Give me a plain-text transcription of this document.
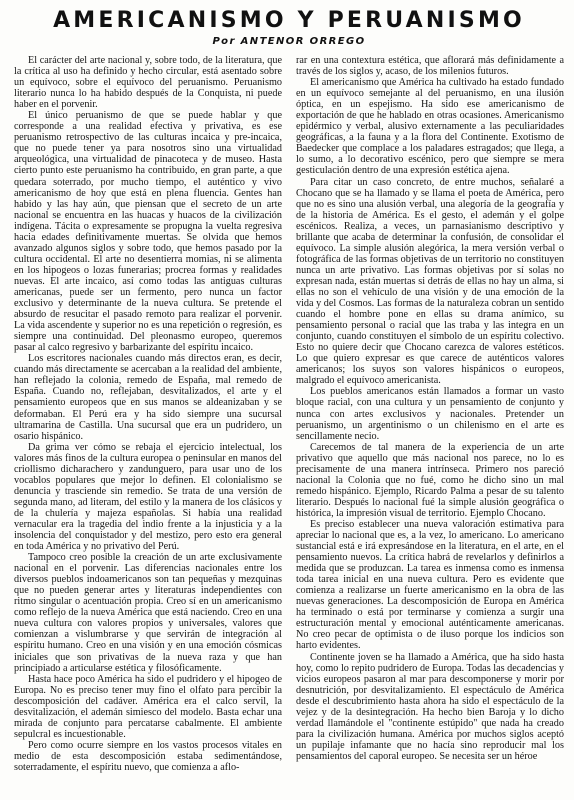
AMERICANISMO Y PERUANISMO
Por ANTENOR ORREGO

El carácter del arte nacional y, sobre todo, de la literatura, que la crítica al uso ha definido y hecho circular, está asentado sobre un equívoco, sobre el equívoco del peruanismo. Peruanismo literario nunca lo ha habido después de la Conquista, ni puede haber en el porvenir.

El único peruanismo de que se puede hablar y que corresponde a una realidad efectiva y privativa, es ese peruanismo retrospectivo de las culturas incaica y pre-incaica, que no puede tener ya para nosotros sino una virtualidad arqueológica, una virtualidad de pinacoteca y de museo. Hasta cierto punto este peruanismo ha contribuido, en gran parte, a que quedara soterrado, por mucho tiempo, el auténtico y vivo americanismo de hoy que está en plena fluencia. Gentes han habido y las hay aún, que piensan que el secreto de un arte nacional se encuentra en las huacas y huacos de la civilización indígena. Tácita o expresamente se propugna la vuelta regresiva hacia edades definitivamente muertas. Se olvida que hemos avanzado algunos siglos y sobre todo, que hemos pasado por la cultura occidental. El arte no desentierra momias, ni se alimenta en los hipogeos o lozas funerarias; procrea formas y realidades nuevas. El arte incaico, así como todas las antiguas culturas americanas, puede ser un fermento, pero nunca un factor exclusivo y determinante de la nueva cultura. Se pretende el absurdo de resucitar el pasado remoto para realizar el porvenir. La vida ascendente y superior no es una repetición o regresión, es siempre una continuidad. Del pleonasmo europeo, queremos pasar al calco regresivo y barbarizante del espíritu incaico.

Los escritores nacionales cuando más directos eran, es decir, cuando más directamente se acercaban a la realidad del ambiente, han reflejado la colonia, remedo de España, mal remedo de España. Cuando no, reflejaban, desvitalizados, el arte y el pensamiento europeos que en sus manos se aldeanizaban y se deformaban. El Perú era y ha sido siempre una sucursal ultramarina de Castilla. Una sucursal que era un pudridero, un osario hispánico.

Da grima ver cómo se rebaja el ejercicio intelectual, los valores más finos de la cultura europea o peninsular en manos del criollismo dicharachero y zandunguero, para usar uno de los vocablos populares que mejor lo definen. El colonialismo se denuncia y trasciende sin remedio. Se trata de una versión de segunda mano, ad literam, del estilo y la manera de los clásicos y de la chulería y majeza españolas. Si había una realidad vernacular era la tragedia del indio frente a la injusticia y a la insolencia del conquistador y del mestizo, pero esto era general en toda América y no privativo del Perú.

Tampoco creo posible la creación de un arte exclusivamente nacional en el porvenir. Las diferencias nacionales entre los diversos pueblos indoamericanos son tan pequeñas y mezquinas que no pueden generar artes y literaturas independientes con ritmo singular o acentuación propia. Creo sí en un americanismo como reflejo de la nueva América que está naciendo. Creo en una nueva cultura con valores propios y universales, valores que comienzan a vislumbrarse y que servirán de integración al espíritu humano. Creo en una visión y en una emoción cósmicas iniciales que son privativas de la nueva raza y que han principiado a articularse estética y filosóficamente.

Hasta hace poco América ha sido el pudridero y el hipogeo de Europa. No es preciso tener muy fino el olfato para percibir la descomposición del cadáver. América era el calco servil, la desvitalización, el ademán simiesco del modelo. Basta echar una mirada de conjunto para percatarse cabalmente. El ambiente sepulcral es incuestionable.

Pero como ocurre siempre en los vastos procesos vitales en medio de esta descomposición estaba sedimentándose, soterradamente, el espíritu nuevo, que comienza a aflo-

rar en una contextura estética, que aflorará más definidamente a través de los siglos y, acaso, de los milenios futuros.

El americanismo que América ha cultivado ha estado fundado en un equívoco semejante al del peruanismo, en una ilusión óptica, en un espejismo. Ha sido ese americanismo de exportación de que he hablado en otras ocasiones. Americanismo epidérmico y verbal, alusivo externamente a las peculiaridades geográficas, a la fauna y a la flora del Continente. Exotismo de Baedecker que complace a los paladares estragados; que llega, a lo sumo, a lo decorativo escénico, pero que siempre se mera gesticulación dentro de una expresión estética ajena.

Para citar un caso concreto, de entre muchos, señalaré a Chocano que se ha llamado y se llama el poeta de América, pero que no es sino una alusión verbal, una alegoría de la geografía y de la historia de América. Es el gesto, el ademán y el golpe escénicos. Realiza, a veces, un parnasianismo descriptivo y brillante que acaba de determinar la confusión, de consolidar el equívoco. La simple alusión alegórica, la mera versión verbal o fotográfica de las formas objetivas de un territorio no constituyen nunca un arte privativo. Las formas objetivas por sí solas no expresan nada, están muertas si detrás de ellas no hay un alma, si ellas no son el vehículo de una visión y de una emoción de la vida y del Cosmos. Las formas de la naturaleza cobran un sentido cuando el hombre pone en ellas su drama anímico, su pensamiento personal o racial que las traba y las integra en un conjunto, cuando constituyen el símbolo de un espíritu colectivo. Esto no quiere decir que Chocano carezca de valores estéticos. Lo que quiero expresar es que carece de auténticos valores americanos; los suyos son valores hispánicos o europeos, malgrado el equívoco americanista.

Los pueblos americanos están llamados a formar un vasto bloque racial, con una cultura y un pensamiento de conjunto y nunca con artes exclusivos y nacionales. Pretender un peruanismo, un argentinismo o un chilenismo en el arte es sencillamente necio.

Carecemos de tal manera de la experiencia de un arte privativo que aquello que más nacional nos parece, no lo es precisamente de una manera intrínseca. Primero nos pareció nacional la Colonia que no fué, como he dicho sino un mal remedo hispánico. Ejemplo, Ricardo Palma a pesar de su talento literario. Después lo nacional fué la simple alusión geográfica o histórica, la impresión visual de territorio. Ejemplo Chocano.

Es preciso establecer una nueva valoración estimativa para apreciar lo nacional que es, a la vez, lo americano. Lo americano sustancial está e irá expresándose en la literatura, en el arte, en el pensamiento nuevos. La crítica habrá de revelarlos y definirlos a medida que se produzcan. La tarea es inmensa como es inmensa toda tarea inicial en una nueva cultura. Pero es evidente que comienza a realizarse un fuerte americanismo en la obra de las nuevas generaciones. La descomposición de Europa en América ha terminado o está por terminarse y comienza a surgir una estructuración mental y emocional auténticamente americanas. No creo pecar de optimista o de iluso porque los indicios son harto evidentes.

Continente joven se ha llamado a América, que ha sido hasta hoy, como lo repito pudridero de Europa. Todas las decadencias y vicios europeos pasaron al mar para descomponerse y morir por desnutrición, por desvitalizamiento. El espectáculo de América desde el descubrimiento hasta ahora ha sido el espectáculo de la vejez y de la desintegración. Ha hecho bien Baroja y lo dicho verdad llamándole el "continente estúpido" que nada ha creado para la civilización humana. América por muchos siglos aceptó un pupilaje infamante que no hacía sino reproducir mal los pensamientos del caporal europeo. Se necesita ser un héroe
